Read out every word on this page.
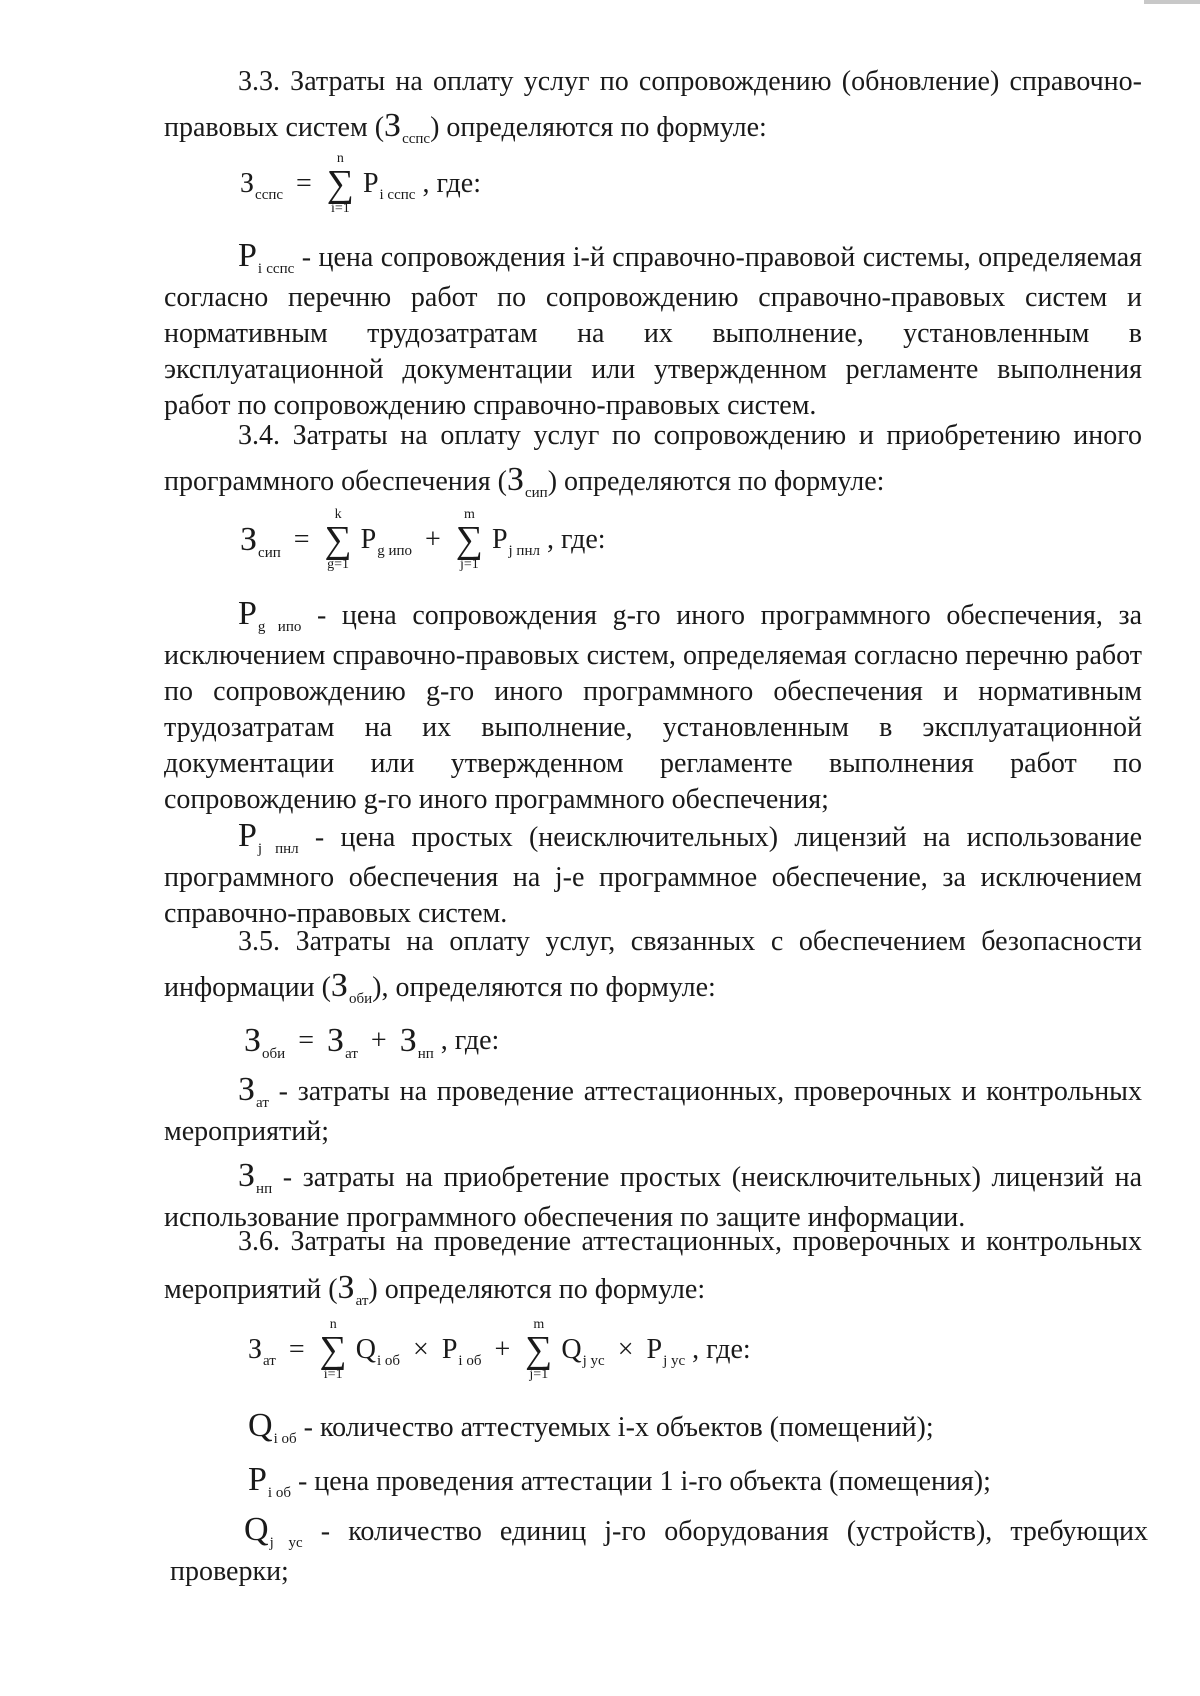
3.3. Затраты на оплату услуг по сопровождению (обновление) справочно-

правовых систем $(З_{сспс})$ определяются по формуле:
$З_{сспс}$ =
n
∑
i=1
$P_{i сспс}$ , где:

$P_{i сспс}$ - цена сопровождения i-й справочно-правовой системы, определяемая согласно перечню работ по сопровождению справочно-правовых систем и нормативным трудозатратам на их выполнение, установленным в эксплуатационной документации или утвержденном регламенте выполнения работ по сопровождению справочно-правовых систем.

3.4. Затраты на оплату услуг по сопровождению и приобретению иного

программного обеспечения $(З_{сип})$ определяются по формуле:
$З_{сип}$ =
k
∑
g=1
$P_{g ипо}$ +
m
∑
j=1
$P_{j пнл}$ , где:

$P_{g ипо}$ - цена сопровождения g-го иного программного обеспечения, за исключением справочно-правовых систем, определяемая согласно перечню работ по сопровождению g-го иного программного обеспечения и нормативным трудозатратам на их выполнение, установленным в эксплуатационной документации или утвержденном регламенте выполнения работ по сопровождению g-го иного программного обеспечения;

$P_{j пнл}$ - цена простых (неисключительных) лицензий на использование программного обеспечения на j-е программное обеспечение, за исключением справочно-правовых систем.

3.5. Затраты на оплату услуг, связанных с обеспечением безопасности

информации $(З_{оби})$, определяются по формуле:
$З_{оби} = З_{ат} + З_{нп}$ , где:

$З_{ат}$ - затраты на проведение аттестационных, проверочных и контрольных мероприятий;

$З_{нп}$ - затраты на приобретение простых (неисключительных) лицензий на использование программного обеспечения по защите информации.

3.6. Затраты на проведение аттестационных, проверочных и контрольных

мероприятий $(З_{ат})$ определяются по формуле:
$З_{ат}$ =
n
∑
i=1
$Q_{i об} \times P_{i об}$ +
m
∑
j=1
$Q_{j ус} \times P_{j ус}$ , где:
$Q_{i об}$ - количество аттестуемых i-х объектов (помещений);
$P_{i об}$ - цена проведения аттестации 1 i-го объекта (помещения);

$Q_{j ус}$ - количество единиц j-го оборудования (устройств), требующих проверки;
